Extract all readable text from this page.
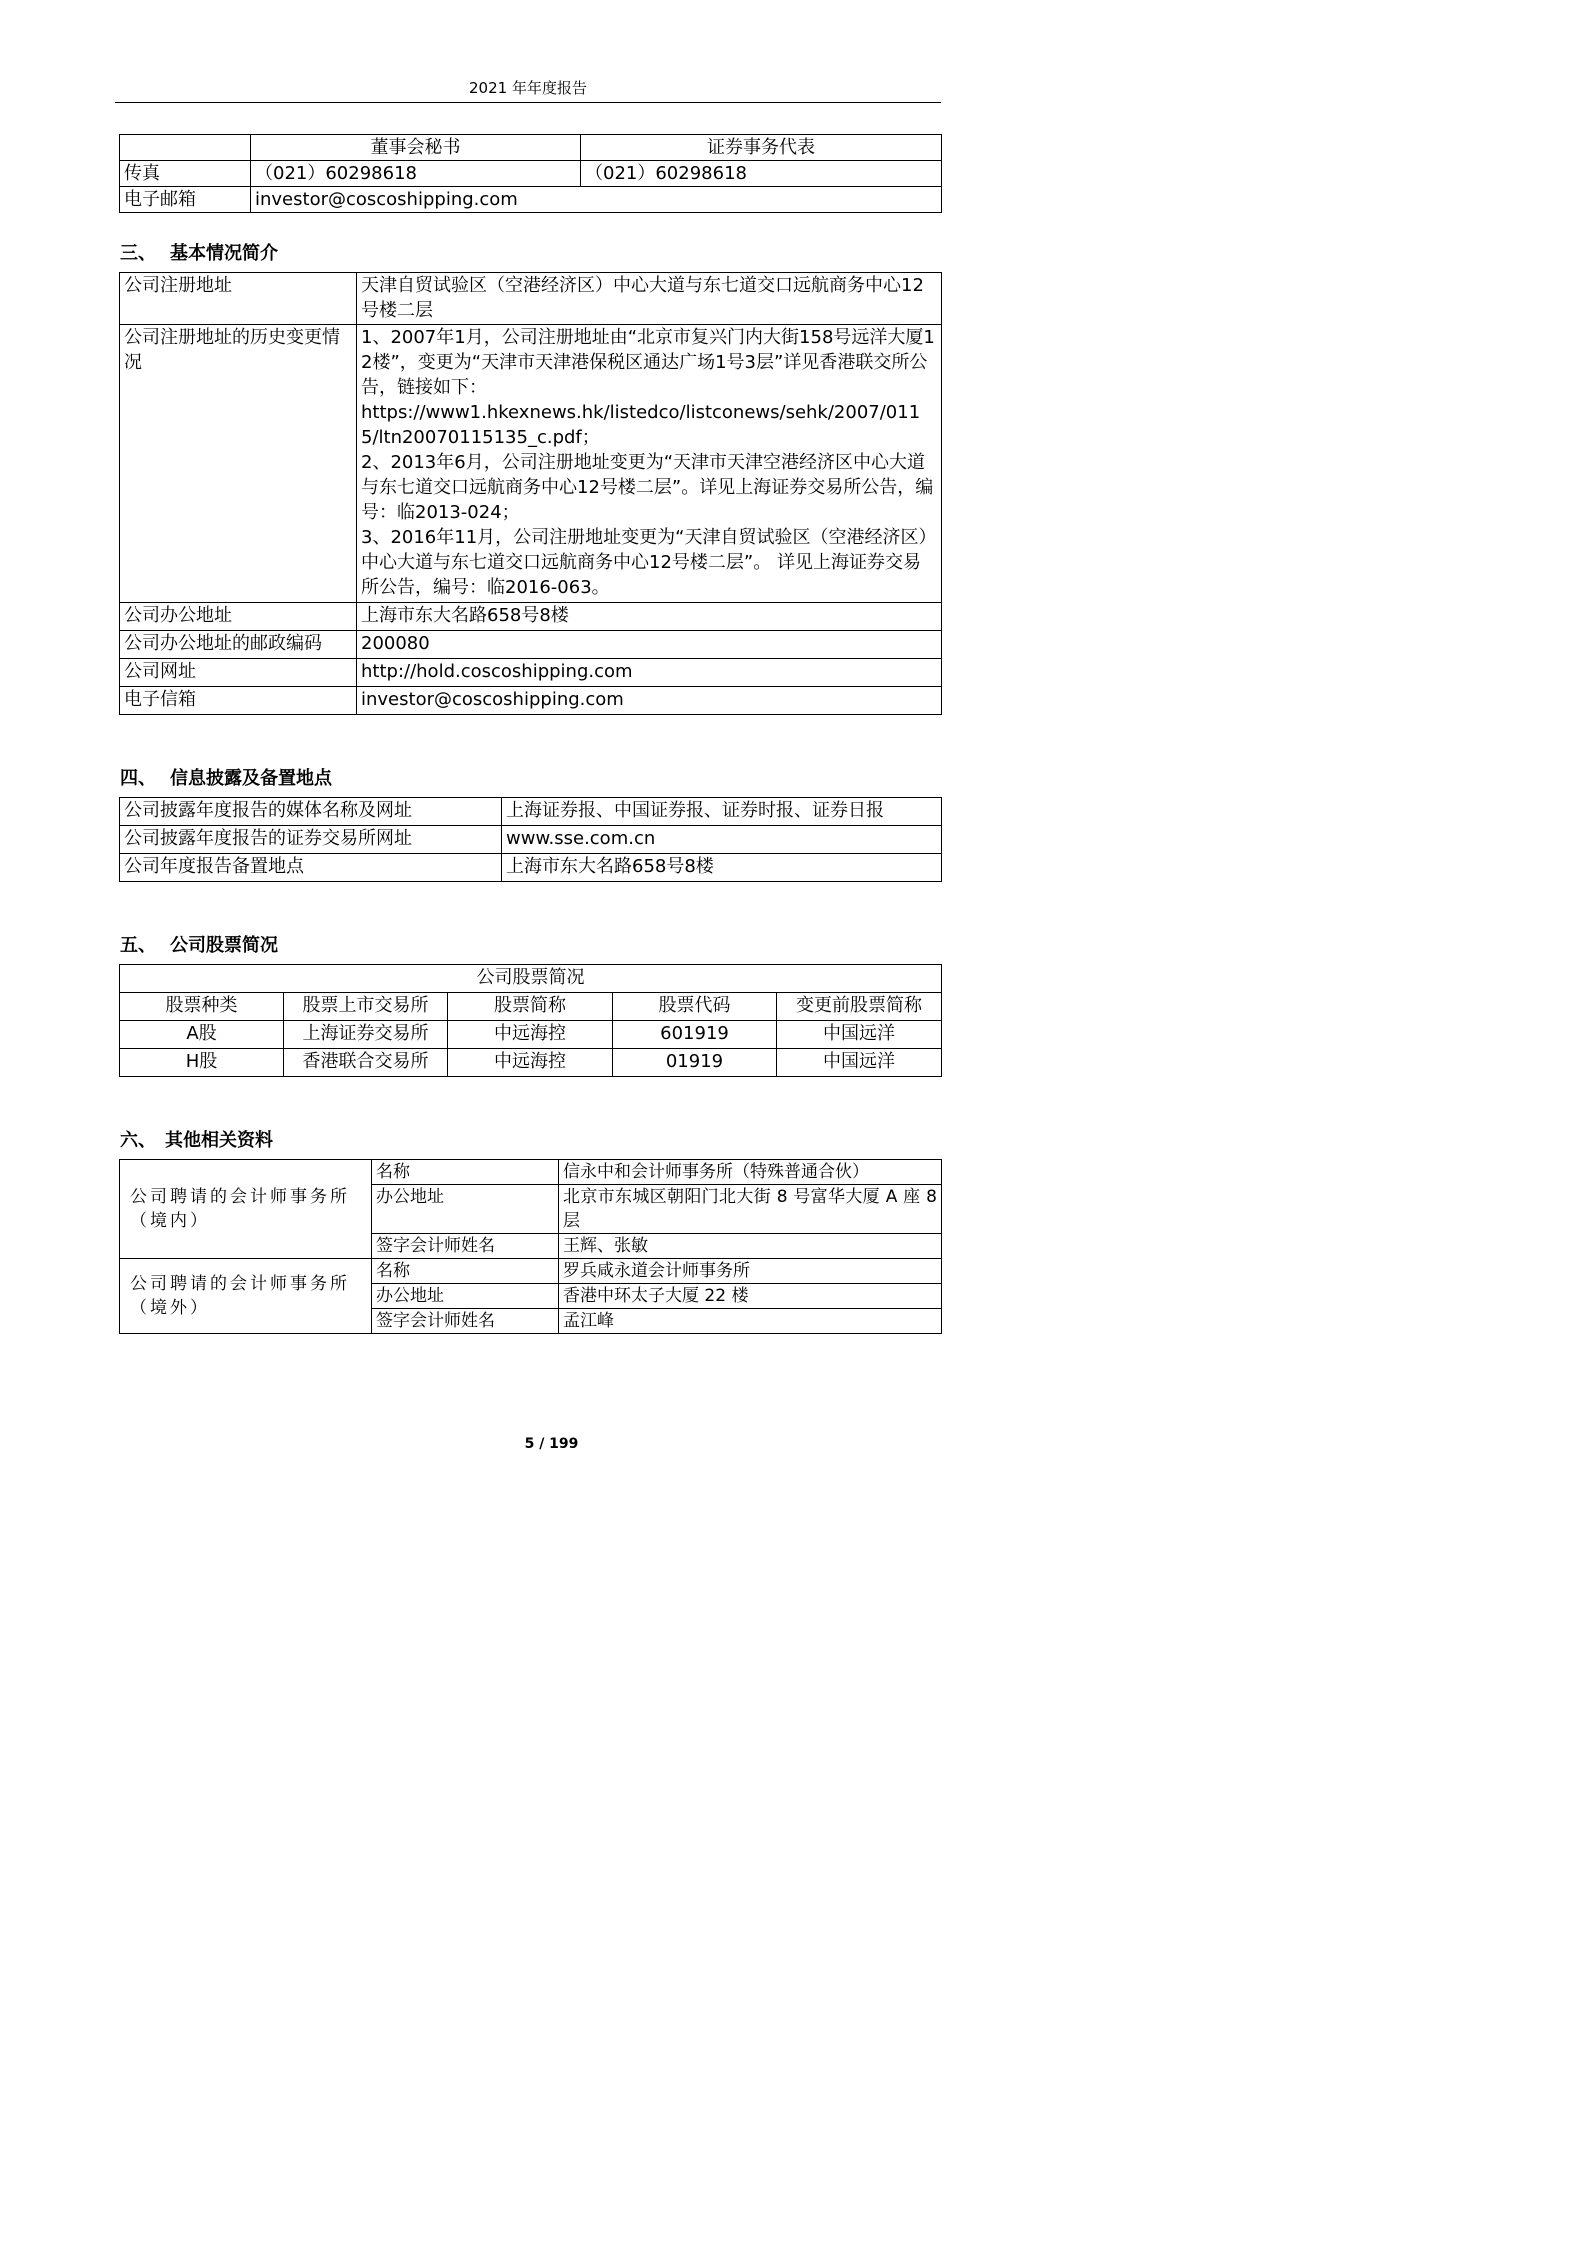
2021 年年度报告
	董事会秘书	证券事务代表
传真	（021）60298618	（021）60298618
电子邮箱	investor@coscoshipping.com	
三、 基本情况简介
公司注册地址	天津自贸试验区（空港经济区）中心大道与东七道交口远航商务中心12号楼二层
公司注册地址的历史变更情况	1、2007年1月，公司注册地址由“北京市复兴门内大街158号远洋大厦12楼”，变更为“天津市天津港保税区通达广场1号3层”详见香港联交所公告，链接如下：
https://www1.hkexnews.hk/listedco/listconews/sehk/2007/0115/ltn20070115135_c.pdf；
2、2013年6月，公司注册地址变更为“天津市天津空港经济区中心大道与东七道交口远航商务中心12号楼二层”。详见上海证券交易所公告，编号：临2013-024；
3、2016年11月，公司注册地址变更为“天津自贸试验区（空港经济区）中心大道与东七道交口远航商务中心12号楼二层”。 详见上海证券交易所公告，编号：临2016-063。

公司办公地址	上海市东大名路658号8楼
公司办公地址的邮政编码	200080
公司网址	http://hold.coscoshipping.com
电子信箱	investor@coscoshipping.com
四、 信息披露及备置地点
公司披露年度报告的媒体名称及网址	上海证券报、中国证券报、证券时报、证券日报
公司披露年度报告的证券交易所网址	www.sse.com.cn
公司年度报告备置地点	上海市东大名路658号8楼
五、 公司股票简况
公司股票简况				
股票种类	股票上市交易所	股票简称	股票代码	变更前股票简称
A股	上海证券交易所	中远海控	601919	中国远洋
H股	香港联合交易所	中远海控	01919	中国远洋
六、 其他相关资料
公司聘请的会计师事务所（境内）	名称	信永中和会计师事务所（特殊普通合伙）
	办公地址	北京市东城区朝阳门北大街 8 号富华大厦 A 座 8 层
	签字会计师姓名	王辉、张敏
公司聘请的会计师事务所（境外）	名称	罗兵咸永道会计师事务所
	办公地址	香港中环太子大厦 22 楼
	签字会计师姓名	孟江峰
5 / 199
